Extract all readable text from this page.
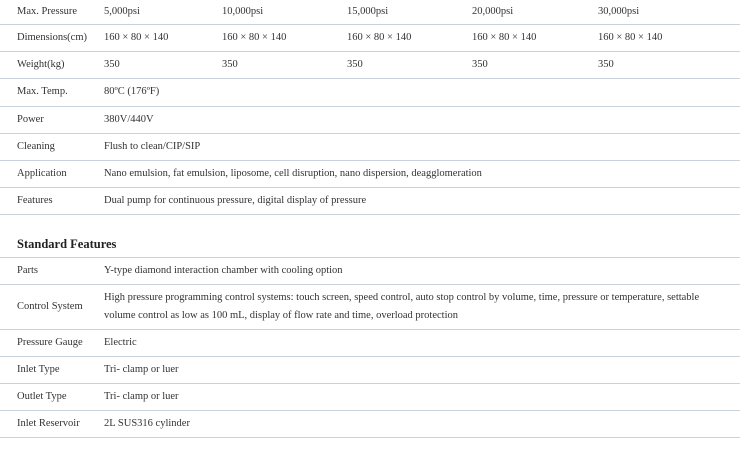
Max. Pressure	5,000psi	10,000psi	15,000psi	20,000psi	30,000psi
Dimensions(cm)	160 × 80 × 140	160 × 80 × 140	160 × 80 × 140	160 × 80 × 140	160 × 80 × 140
Weight(kg)	350	350	350	350	350
Max. Temp.	80ºC (176ºF)				
Power	380V/440V				
Cleaning	Flush to clean/CIP/SIP				
Application	Nano emulsion, fat emulsion, liposome, cell disruption, nano dispersion, deagglomeration				
Features	Dual pump for continuous pressure, digital display of pressure				
Standard Features
Parts	Y-type diamond interaction chamber with cooling option
Control System	High pressure programming control systems: touch screen, speed control, auto stop control by volume, time, pressure or temperature, settable volume control as low as 100 mL, display of flow rate and time, overload protection
Pressure Gauge	Electric
Inlet Type	Tri- clamp or luer
Outlet Type	Tri- clamp or luer
Inlet Reservoir	2L SUS316 cylinder
